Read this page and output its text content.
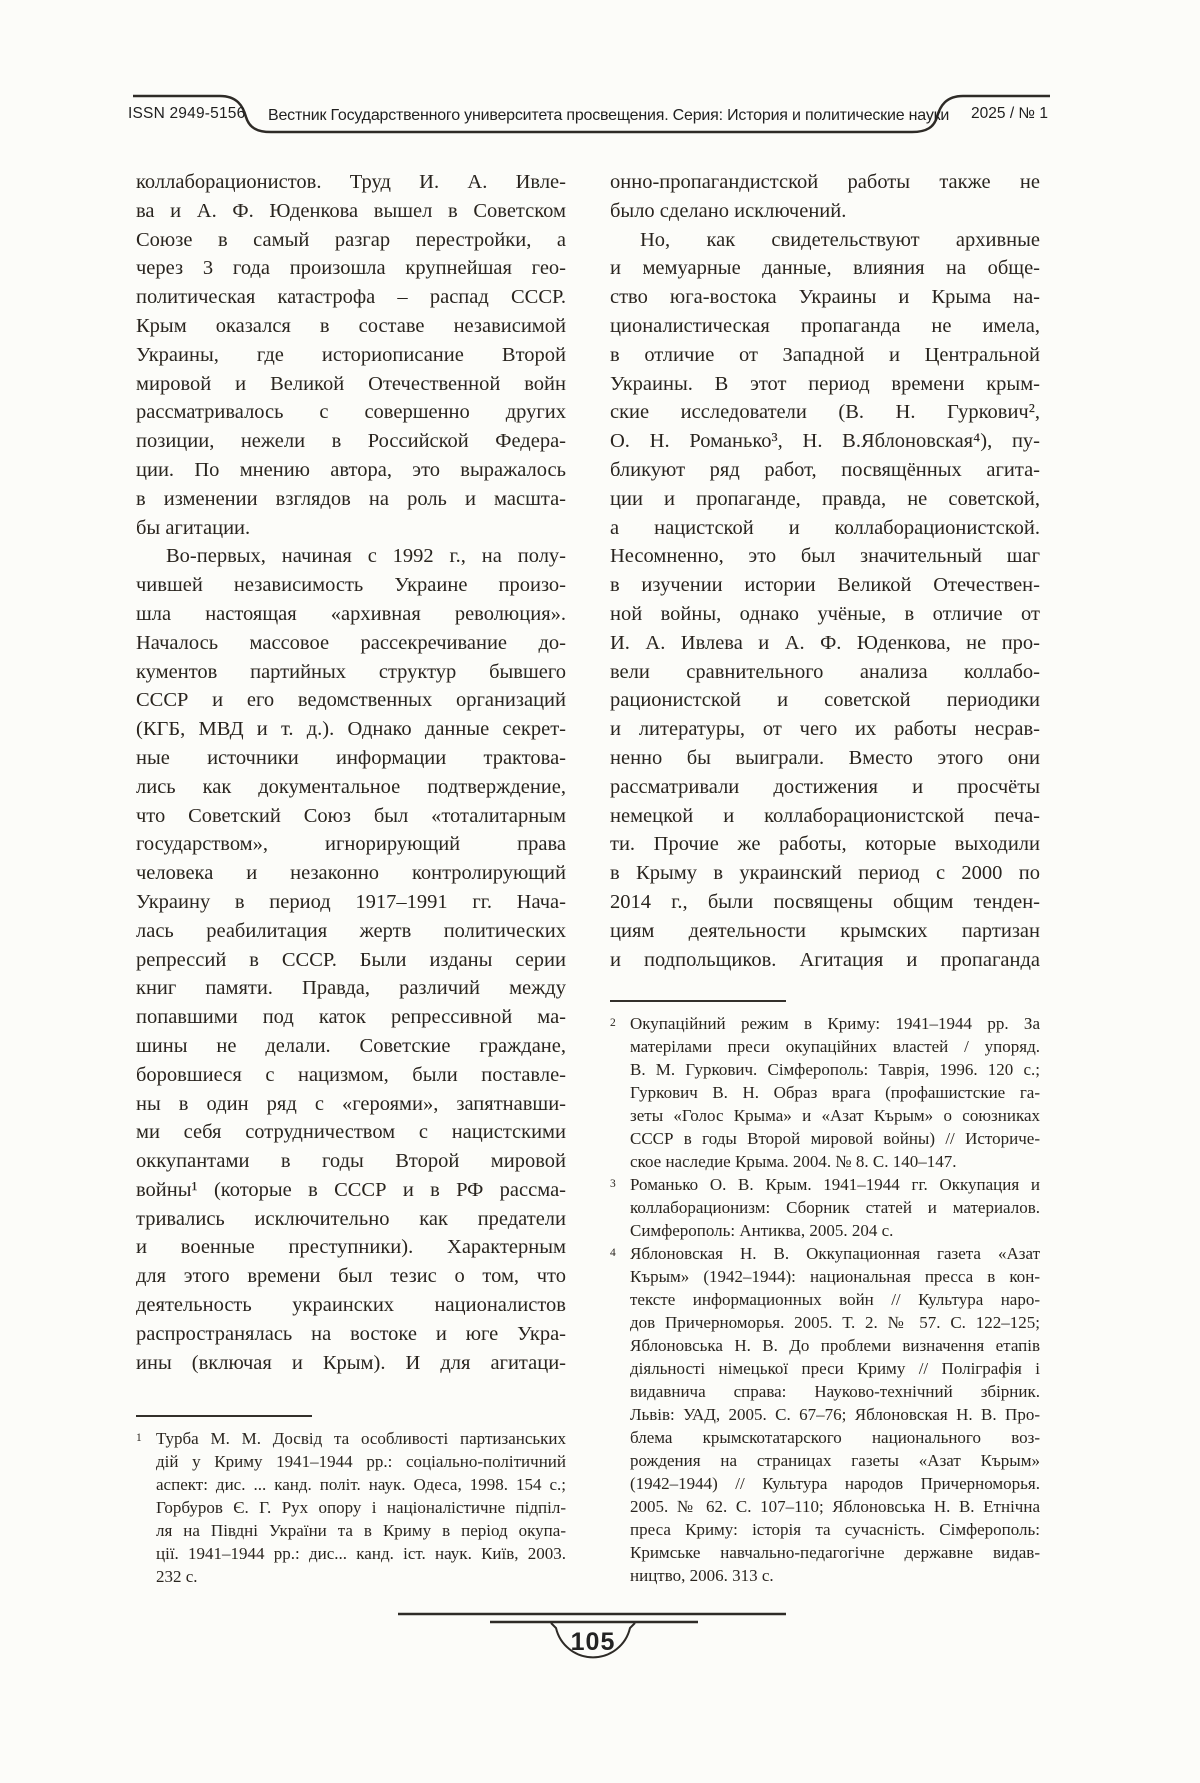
ISSN 2949-5156 Вестник Государственного университета просвещения. Серия: История и политические науки	2025 / № 1
коллаборационистов. Труд И. А. Ивле-
ва и А. Ф. Юденкова вышел в Советском
Союзе в самый разгар перестройки, а
через 3 года произошла крупнейшая гео-
политическая катастрофа – распад СССР.
Крым оказался в составе независимой
Украины, где историописание Второй
мировой и Великой Отечественной войн
рассматривалось с совершенно других
позиции, нежели в Российской Федера-
ции. По мнению автора, это выражалось
в изменении взглядов на роль и масшта-
бы агитации.
Во-первых, начиная с 1992 г., на полу-
чившей независимость Украине произо-
шла настоящая «архивная революция».
Началось массовое рассекречивание до-
кументов партийных структур бывшего
СССР и его ведомственных организаций
(КГБ, МВД и т. д.). Однако данные секрет-
ные источники информации трактова-
лись как документальное подтверждение,
что Советский Союз был «тоталитарным
государством», игнорирующий права
человека и незаконно контролирующий
Украину в период 1917–1991 гг. Нача-
лась реабилитация жертв политических
репрессий в СССР. Были изданы серии
книг памяти. Правда, различий между
попавшими под каток репрессивной ма-
шины не делали. Советские граждане,
боровшиеся с нацизмом, были поставле-
ны в один ряд с «героями», запятнавши-
ми себя сотрудничеством с нацистскими
оккупантами в годы Второй мировой
войны¹ (которые в СССР и в РФ рассма-
тривались исключительно как предатели
и военные преступники). Характерным
для этого времени был тезис о том, что
деятельность украинских националистов
распространялась на востоке и юге Укра-
ины (включая и Крым). И для агитаци-
1 Турба М. М. Досвід та особливості партизанських
дій у Криму 1941–1944 рр.: соціально-політичний
аспект: дис. ... канд. політ. наук. Одеса, 1998. 154 с.;
Горбуров Є. Г. Рух опору і націоналістичне підпіл-
ля на Півдні України та в Криму в період окупа-
ції. 1941–1944 рр.: дис... канд. іст. наук. Київ, 2003.
232 с.
онно-пропагандистской работы также не
было сделано исключений.
Но, как свидетельствуют архивные
и мемуарные данные, влияния на обще-
ство юга-востока Украины и Крыма на-
ционалистическая пропаганда не имела,
в отличие от Западной и Центральной
Украины. В этот период времени крым-
ские исследователи (В. Н. Гуркович²,
О. Н. Романько³, Н. В.Яблоновская⁴), пу-
бликуют ряд работ, посвящённых агита-
ции и пропаганде, правда, не советской,
а нацистской и коллаборационистской.
Несомненно, это был значительный шаг
в изучении истории Великой Отечествен-
ной войны, однако учёные, в отличие от
И. А. Ивлева и А. Ф. Юденкова, не про-
вели сравнительного анализа коллабо-
рационистской и советской периодики
и литературы, от чего их работы несрав-
ненно бы выиграли. Вместо этого они
рассматривали достижения и просчёты
немецкой и коллаборационистской печа-
ти. Прочие же работы, которые выходили
в Крыму в украинский период с 2000 по
2014 г., были посвящены общим тенден-
циям деятельности крымских партизан
и подпольщиков. Агитация и пропаганда
2 Окупаційний режим в Криму: 1941–1944 рр. За
матерілами преси окупаційних властей / упоряд.
В. М. Гуркович. Сімферополь: Таврія, 1996. 120 с.;
Гуркович В. Н. Образ врага (профашистские га-
зеты «Голос Крыма» и «Азат Кърым» о союзниках
СССР в годы Второй мировой войны) // Историче-
ское наследие Крыма. 2004. № 8. С. 140–147.
3 Романько О. В. Крым. 1941–1944 гг. Оккупация и
коллаборационизм: Сборник статей и материалов.
Симферополь: Антиква, 2005. 204 с.
4 Яблоновская Н. В. Оккупационная газета «Азат
Кърым» (1942–1944): национальная пресса в кон-
тексте информационных войн // Культура наро-
дов Причерноморья. 2005. Т. 2. № 57. С. 122–125;
Яблоновська Н. В. До проблеми визначення етапів
діяльності німецької преси Криму // Поліграфія і
видавнича справа: Науково-технічний збірник.
Львів: УАД, 2005. С. 67–76; Яблоновская Н. В. Про-
блема крымскотатарского национального воз-
рождения на страницах газеты «Азат Кърым»
(1942–1944) // Культура народов Причерноморья.
2005. № 62. С. 107–110; Яблоновська Н. В. Етнічна
преса Криму: історія та сучасність. Сімферополь:
Кримське навчально-педагогічне державне видав-
ництво, 2006. 313 с.
105
